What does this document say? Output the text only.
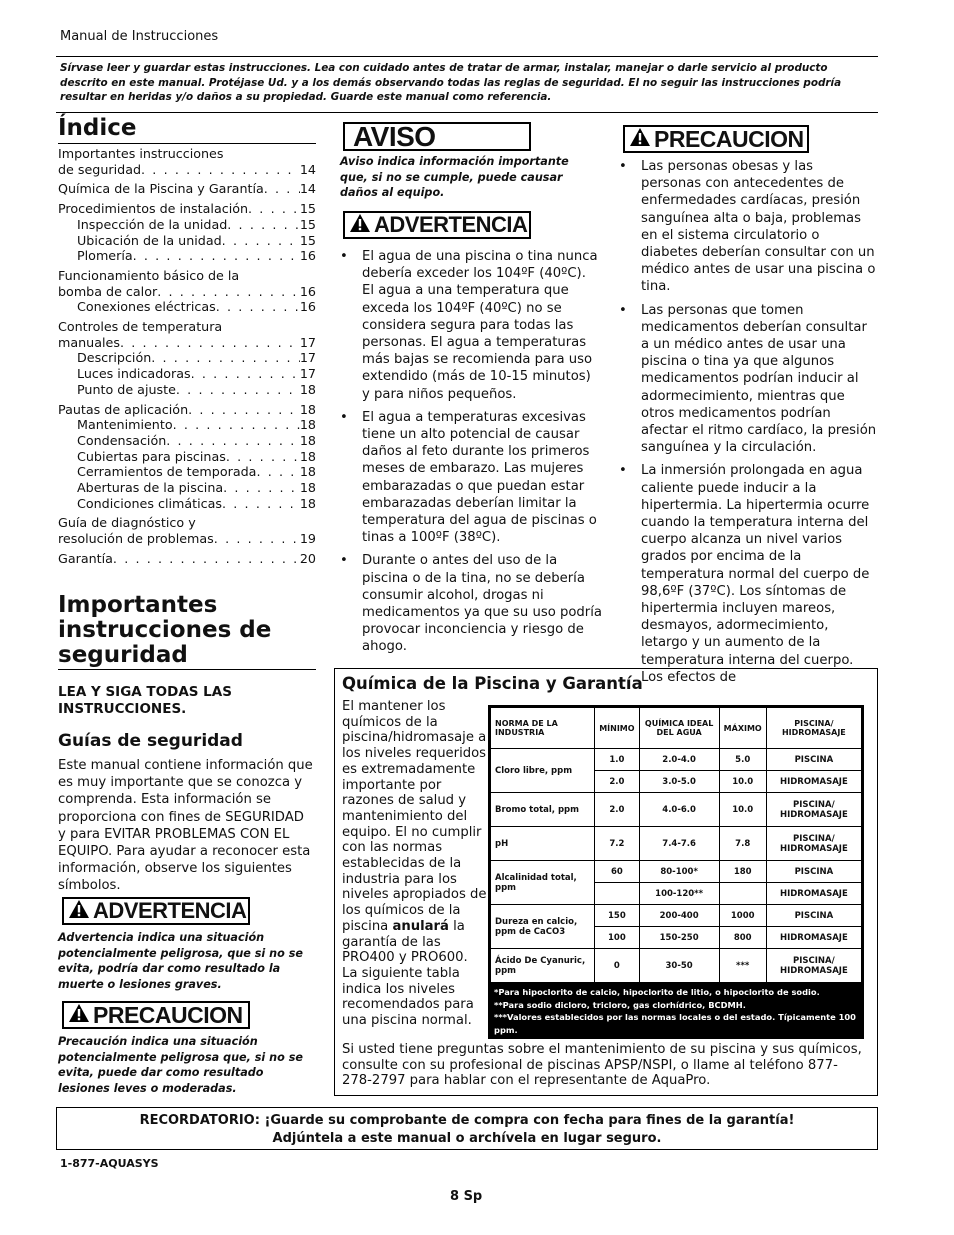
Manual de Instrucciones
Sírvase leer y guardar estas instrucciones. Lea con cuidado antes de tratar de armar, instalar, manejar o darle servicio al producto descrito en este manual. Protéjase Ud. y a los demás observando todas las reglas de seguridad. El no seguir las instrucciones podría resultar en heridas y/o daños a su propiedad. Guarde este manual como referencia.
Índice
Importantes instrucciones
de seguridad . . .	14
Química de la Piscina y Garantía . . .	14
Procedimientos de instalación . . .	15
Inspección de la unidad . . .	15
Ubicación de la unidad . . .	15
Plomería . . .	16
Funcionamiento básico de la
bomba de calor . . .	16
Conexiones eléctricas . . .	16
Controles de temperatura
manuales . . .	17
Descripción . . .	17
Luces indicadoras . . .	17
Punto de ajuste . . .	18
Pautas de aplicación . . .	18
Mantenimiento . . .	18
Condensación . . .	18
Cubiertas para piscinas . . .	18
Cerramientos de temporada . . .	18
Aberturas de la piscina . . .	18
Condiciones climáticas . . .	18
Guía de diagnóstico y
resolución de problemas . . .	19
Garantía . . .	20
Importantes instrucciones de seguridad
LEA Y SIGA TODAS LAS INSTRUCCIONES.
Guías de seguridad
Este manual contiene información que es muy importante que se conozca y comprenda. Esta información se proporciona con fines de SEGURIDAD y para EVITAR PROBLEMAS CON EL EQUIPO. Para ayudar a reconocer esta información, observe los siguientes símbolos.
ADVERTENCIA
Advertencia indica una situación potencialmente peligrosa, que si no se evita, podría dar como resultado la muerte o lesiones graves.
PRECAUCION
Precaución indica una situación potencialmente peligrosa que, si no se evita, puede dar como resultado lesiones leves o moderadas.
AVISO
Aviso indica información importante que, si no se cumple, puede causar daños al equipo.
ADVERTENCIA
• El agua de una piscina o tina nunca debería exceder los 104ºF (40ºC). El agua a una temperatura que exceda los 104ºF (40ºC) no se considera segura para todas las personas. El agua a temperaturas más bajas se recomienda para uso extendido (más de 10-15 minutos) y para niños pequeños.
• El agua a temperaturas excesivas tiene un alto potencial de causar daños al feto durante los primeros meses de embarazo. Las mujeres embarazadas o que puedan estar embarazadas deberían limitar la temperatura del agua de piscinas o tinas a 100ºF (38ºC).
• Durante o antes del uso de la piscina o de la tina, no se debería consumir alcohol, drogas ni medicamentos ya que su uso podría provocar inconciencia y riesgo de ahogo.
PRECAUCION
• Las personas obesas y las personas con antecedentes de enfermedades cardíacas, presión sanguínea alta o baja, problemas en el sistema circulatorio o diabetes deberían consultar con un médico antes de usar una piscina o tina.
• Las personas que tomen medicamentos deberían consultar a un médico antes de usar una piscina o tina ya que algunos medicamentos podrían inducir al adormecimiento, mientras que otros medicamentos podrían afectar el ritmo cardíaco, la presión sanguínea y la circulación.
• La inmersión prolongada en agua caliente puede inducir a la hipertermia. La hipertermia ocurre cuando la temperatura interna del cuerpo alcanza un nivel varios grados por encima de la temperatura normal del cuerpo de 98,6ºF (37ºC). Los síntomas de hipertermia incluyen mareos, desmayos, adormecimiento, letargo y un aumento de la temperatura interna del cuerpo. Los efectos de
Química de la Piscina y Garantía
El mantener los químicos de la piscina/hidromasaje a los niveles requeridos es extremadamente importante por razones de salud y mantenimiento del equipo. El no cumplir con las normas establecidas de la industria para los niveles apropiados de los químicos de la piscina anulará la garantía de las PRO400 y PRO600. La siguiente tabla indica los niveles recomendados para una piscina normal.
NORMA DE LA INDUSTRIA	MÍNIMO	QUÍMICA IDEAL DEL AGUA	MÁXIMO	PISCINA/ HIDROMASAJE
Cloro libre, ppm	1.0	2.0-4.0	5.0	PISCINA
	2.0	3.0-5.0	10.0	HIDROMASAJE
Bromo total, ppm	2.0	4.0-6.0	10.0	PISCINA/ HIDROMASAJE
pH	7.2	7.4-7.6	7.8	PISCINA/ HIDROMASAJE
Alcalinidad total, ppm	60	80-100*	180	PISCINA
		100-120**		HIDROMASAJE
Dureza en calcio, ppm de CaCO3	150	200-400	1000	PISCINA
	100	150-250	800	HIDROMASAJE
Ácido De Cyanuric, ppm	0	30-50	***	PISCINA/ HIDROMASAJE
*Para hipoclorito de calcio, hipoclorito de litio, o hipoclorito de sodio.
**Para sodio dicloro, tricloro, gas clorhídrico, BCDMH.
***Valores establecidos por las normas locales o del estado. Típicamente 100 ppm.
Si usted tiene preguntas sobre el mantenimiento de su piscina y sus químicos, consulte con su profesional de piscinas APSP/NSPI, o llame al teléfono 877-278-2797 para hablar con el representante de AquaPro.
RECORDATORIO: ¡Guarde su comprobante de compra con fecha para fines de la garantía!
Adjúntela a este manual o archívela en lugar seguro.
1-877-AQUASYS
8 Sp
